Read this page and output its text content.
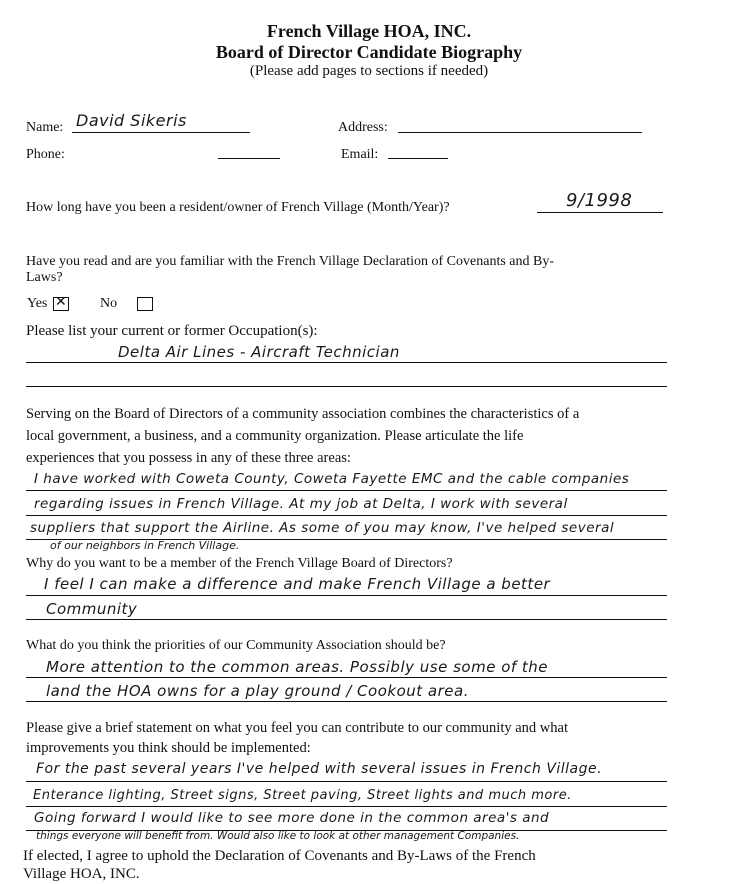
French Village HOA, INC.
Board of Director Candidate Biography
(Please add pages to sections if needed)
Name: David Sikeris	Address:
Phone:	Email:
How long have you been a resident/owner of French Village (Month/Year)?	9/1998
Have you read and are you familiar with the French Village Declaration of Covenants and By-
Laws?
Yes ✕ No
Please list your current or former Occupation(s):
Delta Air Lines - Aircraft Technician
Serving on the Board of Directors of a community association combines the characteristics of a
local government, a business, and a community organization. Please articulate the life
experiences that you possess in any of these three areas:
I have worked with Coweta County, Coweta Fayette EMC and the cable companies
regarding issues in French Village. At my job at Delta, I work with several
suppliers that support the Airline. As some of you may know, I've helped several
of our neighbors in French Village.
Why do you want to be a member of the French Village Board of Directors?
I feel I can make a difference and make French Village a better
Community
What do you think the priorities of our Community Association should be?
More attention to the common areas. Possibly use some of the
land the HOA owns for a play ground / Cookout area.
Please give a brief statement on what you feel you can contribute to our community and what
improvements you think should be implemented:
For the past several years I've helped with several issues in French Village.
Enterance lighting, Street signs, Street paving, Street lights and much more.
Going forward I would like to see more done in the common area's and
things everyone will benefit from. Would also like to look at other management Companies.
If elected, I agree to uphold the Declaration of Covenants and By-Laws of the French
Village HOA, INC.
